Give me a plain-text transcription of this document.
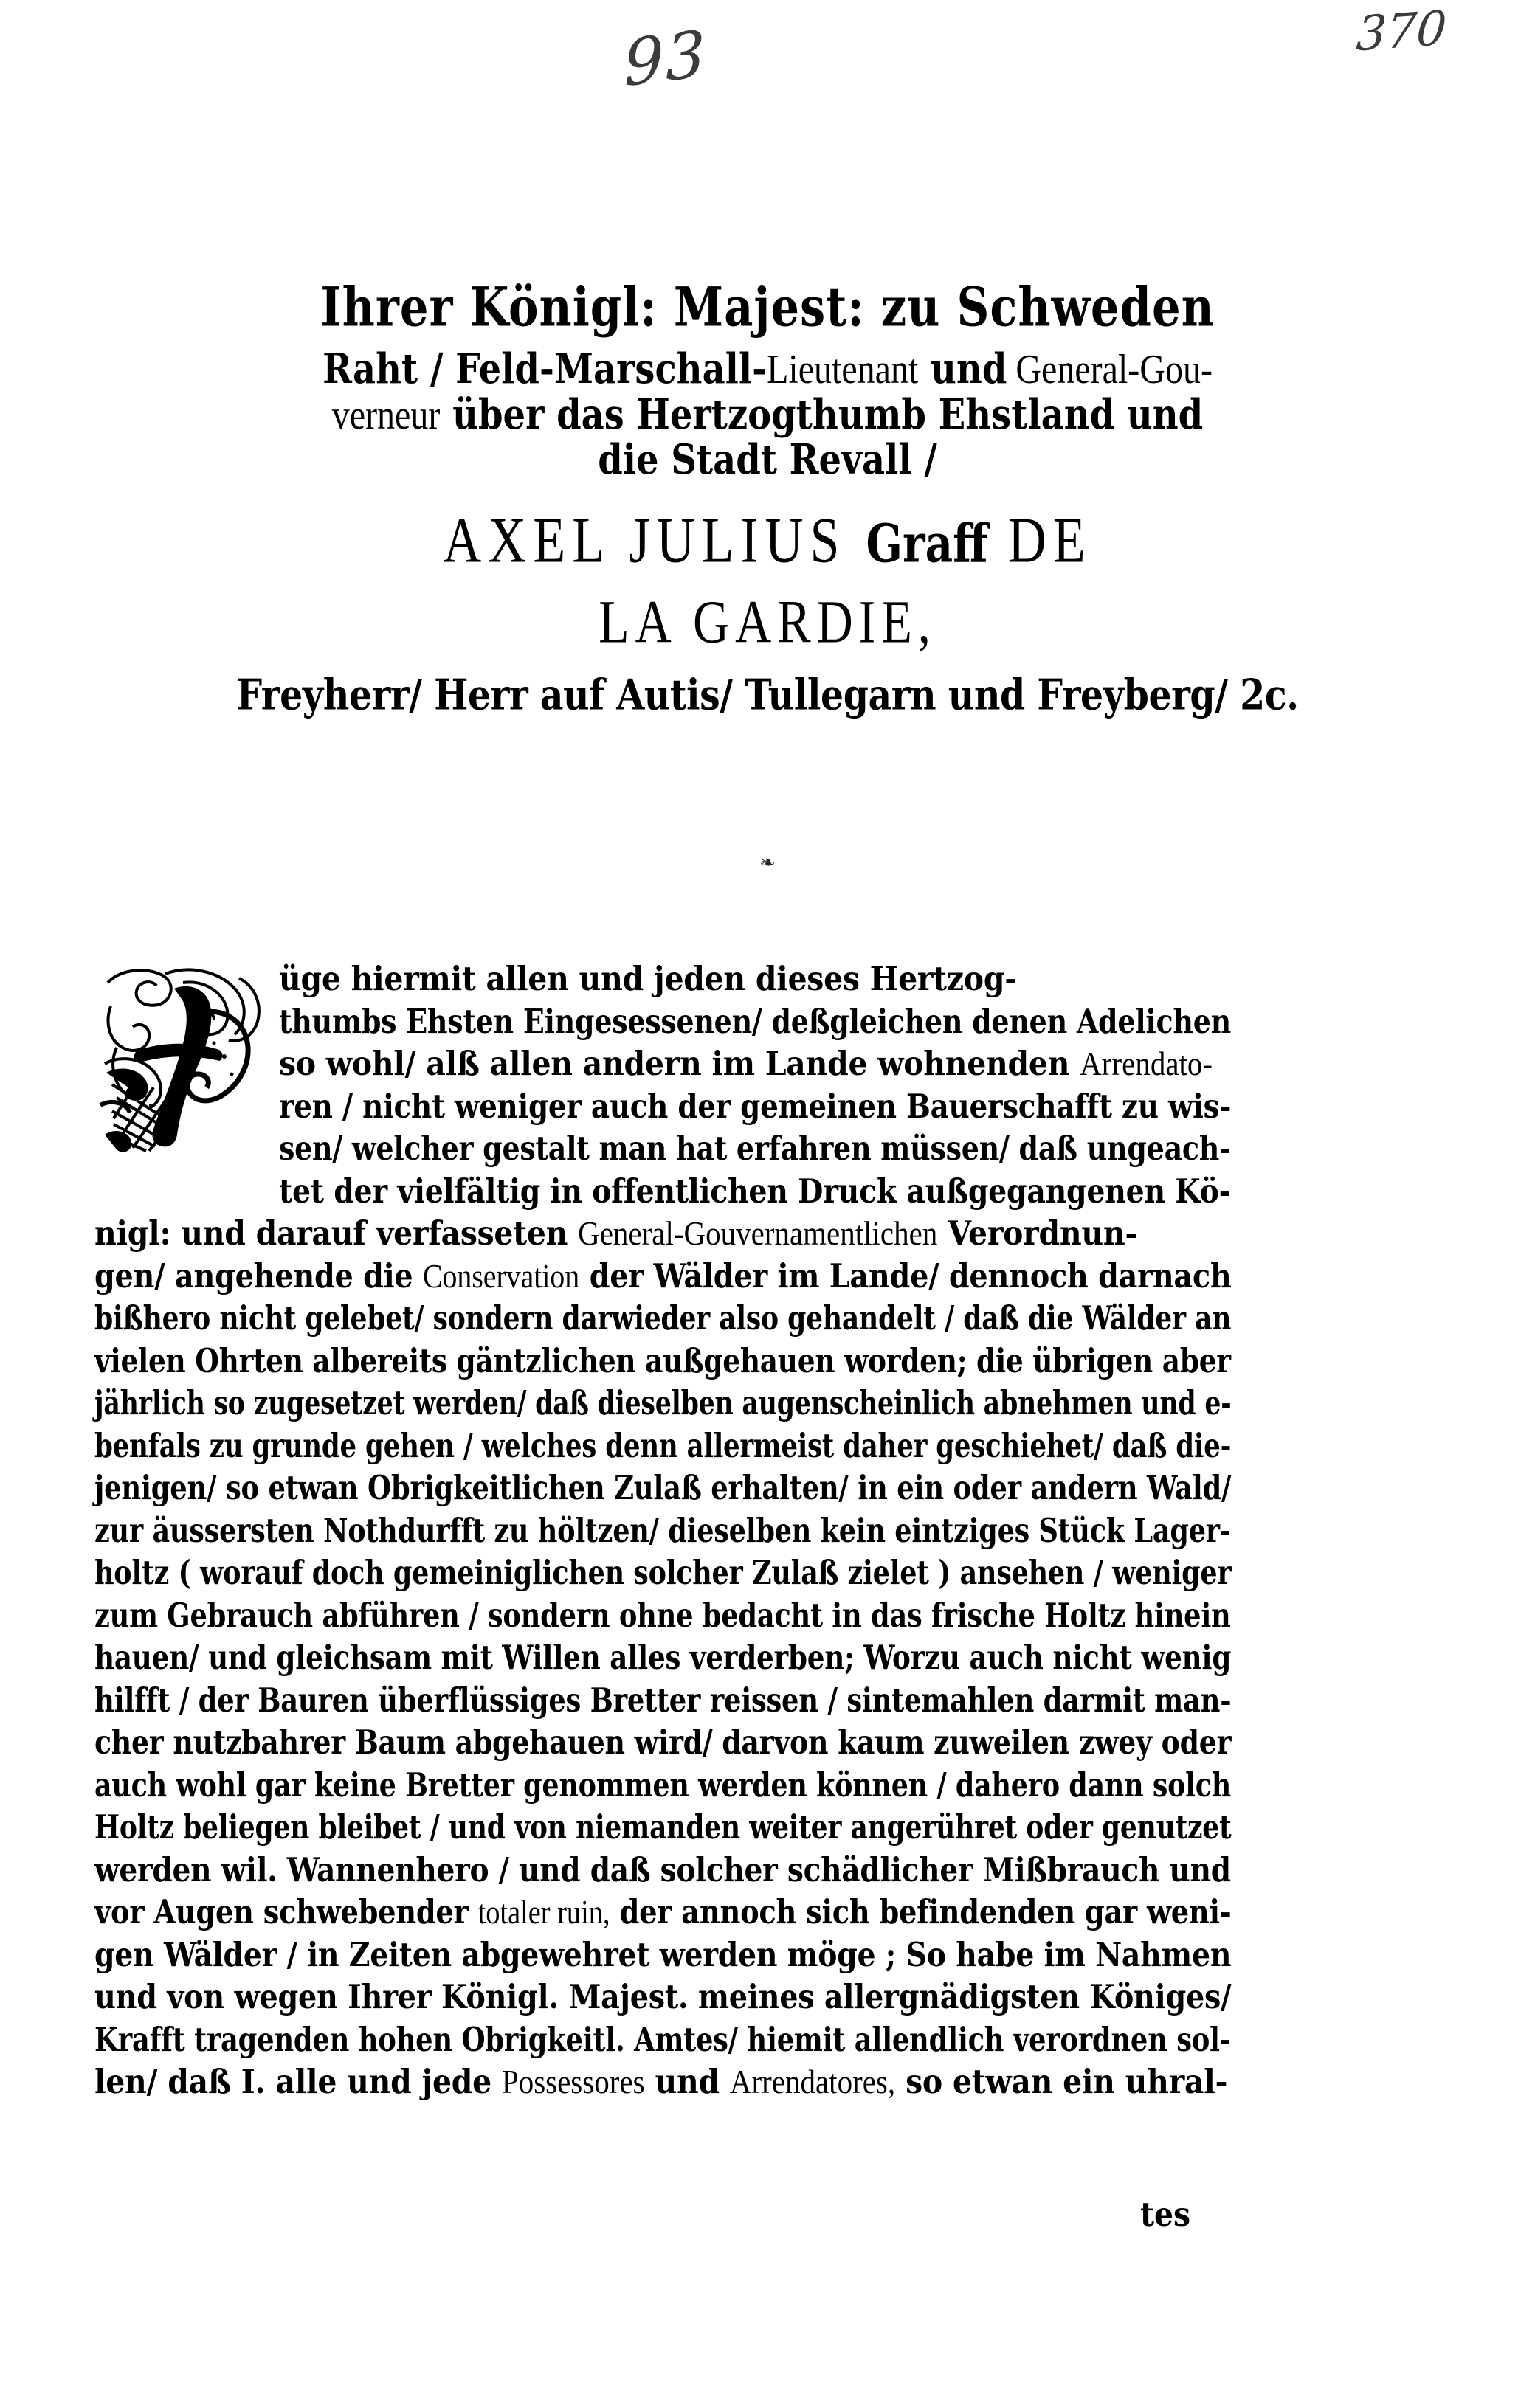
93	370
Ihrer Königl: Majest: zu Schweden
Raht / Feld-Marschall-Lieutenant und General-Gou-
verneur über das Hertzogthumb Ehstland und
die Stadt Revall /
AXEL JULIUS Graff DE
LA GARDIE,
Freyherr/ Herr auf Autis/ Tullegarn und Freyberg/ 2c.
❧
üge hiermit allen und jeden dieses Hertzog-
thumbs Ehsten Eingesessenen/ deßgleichen denen Adelichen
so wohl/ alß allen andern im Lande wohnenden Arrendato-
ren / nicht weniger auch der gemeinen Bauerschafft zu wis-
sen/ welcher gestalt man hat erfahren müssen/ daß ungeach-
tet der vielfältig in offentlichen Druck außgegangenen Kö-
nigl: und darauf verfasseten General-Gouvernamentlichen Verordnun-
gen/ angehende die Conservation der Wälder im Lande/ dennoch darnach
bißhero nicht gelebet/ sondern darwieder also gehandelt / daß die Wälder an
vielen Ohrten albereits gäntzlichen außgehauen worden; die übrigen aber
jährlich so zugesetzet werden/ daß dieselben augenscheinlich abnehmen und e-
benfals zu grunde gehen / welches denn allermeist daher geschiehet/ daß die-
jenigen/ so etwan Obrigkeitlichen Zulaß erhalten/ in ein oder andern Wald/
zur äussersten Nothdurfft zu höltzen/ dieselben kein eintziges Stück Lager-
holtz ( worauf doch gemeiniglichen solcher Zulaß zielet ) ansehen / weniger
zum Gebrauch abführen / sondern ohne bedacht in das frische Holtz hinein
hauen/ und gleichsam mit Willen alles verderben; Worzu auch nicht wenig
hilfft / der Bauren überflüssiges Bretter reissen / sintemahlen darmit man-
cher nutzbahrer Baum abgehauen wird/ darvon kaum zuweilen zwey oder
auch wohl gar keine Bretter genommen werden können / dahero dann solch
Holtz beliegen bleibet / und von niemanden weiter angerühret oder genutzet
werden wil. Wannenhero / und daß solcher schädlicher Mißbrauch und
vor Augen schwebender totaler ruin, der annoch sich befindenden gar weni-
gen Wälder / in Zeiten abgewehret werden möge ; So habe im Nahmen
und von wegen Ihrer Königl. Majest. meines allergnädigsten Königes/
Krafft tragenden hohen Obrigkeitl. Amtes/ hiemit allendlich verordnen sol-
len/ daß I. alle und jede Possessores und Arrendatores, so etwan ein uhral-
tes
